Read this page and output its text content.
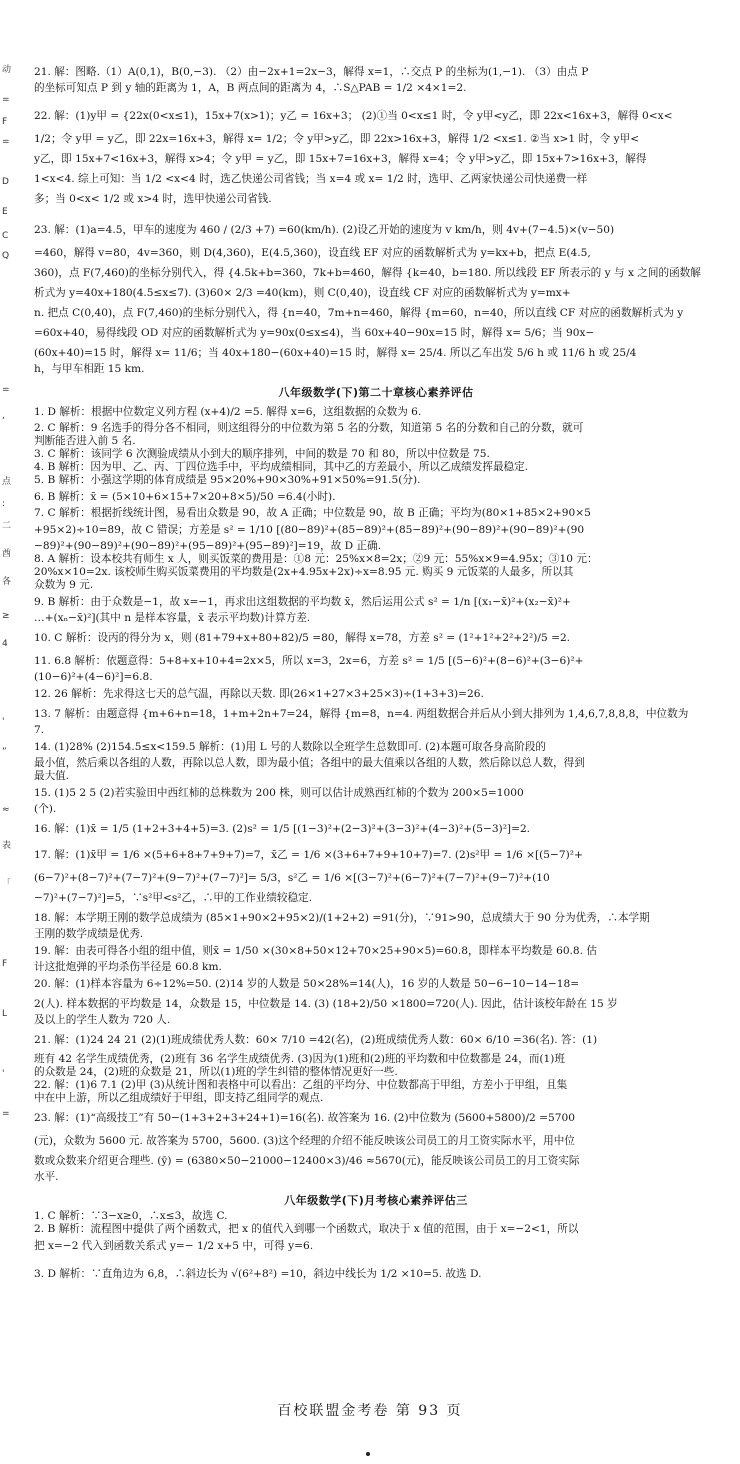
动
=
F
=
D
E
C
Q
=
,
点
:
二
酋
各
≥
4
'
”
≈
表
「
F
L
'
=
21. 解：图略.（1）A(0,1)，B(0,−3). （2）由−2x+1=2x−3，解得 x=1，∴交点 P 的坐标为(1,−1). （3）由点 P
的坐标可知点 P 到 y 轴的距离为 1，A，B 两点间的距离为 4，∴S△PAB = 1/2 ×4×1=2.
22. 解：(1)y甲 = {22x(0<x≤1)，15x+7(x>1)；y乙 = 16x+3； (2)①当 0<x≤1 时，令 y甲<y乙，即 22x<16x+3，解得 0<x<
1/2；令 y甲 = y乙，即 22x=16x+3，解得 x= 1/2；令 y甲>y乙，即 22x>16x+3，解得 1/2 <x≤1. ②当 x>1 时，令 y甲<
y乙，即 15x+7<16x+3，解得 x>4；令 y甲 = y乙，即 15x+7=16x+3，解得 x=4；令 y甲>y乙，即 15x+7>16x+3，解得
1<x<4. 综上可知：当 1/2 <x<4 时，选乙快递公司省钱；当 x=4 或 x= 1/2 时，选甲、乙两家快递公司快递费一样
多；当 0<x< 1/2 或 x>4 时，选甲快递公司省钱.
23. 解：(1)a=4.5，甲车的速度为 460 / (2/3 +7) =60(km/h). (2)设乙开始的速度为 v km/h，则 4v+(7−4.5)×(v−50)
=460，解得 v=80，4v=360，则 D(4,360)，E(4.5,360)，设直线 EF 对应的函数解析式为 y=kx+b，把点 E(4.5,
360)，点 F(7,460)的坐标分别代入，得 {4.5k+b=360，7k+b=460，解得 {k=40，b=180. 所以线段 EF 所表示的 y 与 x 之间的函数解
析式为 y=40x+180(4.5≤x≤7). (3)60× 2/3 =40(km)，则 C(0,40)，设直线 CF 对应的函数解析式为 y=mx+
n. 把点 C(0,40)，点 F(7,460)的坐标分别代入，得 {n=40，7m+n=460，解得 {m=60，n=40，所以直线 CF 对应的函数解析式为 y
=60x+40，易得线段 OD 对应的函数解析式为 y=90x(0≤x≤4)，当 60x+40−90x=15 时，解得 x= 5/6；当 90x−
(60x+40)=15 时，解得 x= 11/6；当 40x+180−(60x+40)=15 时，解得 x= 25/4. 所以乙车出发 5/6 h 或 11/6 h 或 25/4
h，与甲车相距 15 km.
八年级数学(下)第二十章核心素养评估
1. D 解析：根据中位数定义列方程 (x+4)/2 =5. 解得 x=6，这组数据的众数为 6.
2. C 解析：9 名选手的得分各不相同，则这组得分的中位数为第 5 名的分数，知道第 5 名的分数和自己的分数，就可
判断能否进入前 5 名.
3. C 解析：该同学 6 次测验成绩从小到大的顺序排列，中间的数是 70 和 80，所以中位数是 75.
4. B 解析：因为甲、乙、丙、丁四位选手中，平均成绩相同，其中乙的方差最小，所以乙成绩发挥最稳定.
5. B 解析：小强这学期的体育成绩是 95×20%+90×30%+91×50%=91.5(分).
6. B 解析：x̄ = (5×10+6×15+7×20+8×5)/50 =6.4(小时).
7. C 解析：根据折线统计图，易看出众数是 90，故 A 正确；中位数是 90，故 B 正确；平均为(80×1+85×2+90×5
+95×2)÷10=89，故 C 错误；方差是 s² = 1/10 [(80−89)²+(85−89)²+(85−89)²+(90−89)²+(90−89)²+(90
−89)²+(90−89)²+(90−89)²+(95−89)²+(95−89)²]=19，故 D 正确.
8. A 解析：设本校共有师生 x 人，则买饭菜的费用是：①8 元：25%x×8=2x；②9 元：55%x×9=4.95x；③10 元：
20%x×10=2x. 该校师生购买饭菜费用的平均数是(2x+4.95x+2x)÷x=8.95 元. 购买 9 元饭菜的人最多，所以其
众数为 9 元.
9. B 解析：由于众数是−1，故 x=−1，再求出这组数据的平均数 x̄，然后运用公式 s² = 1/n [(x₁−x̄)²+(x₂−x̄)²+
…+(xₙ−x̄)²](其中 n 是样本容量，x̄ 表示平均数)计算方差.
10. C 解析：设丙的得分为 x，则 (81+79+x+80+82)/5 =80，解得 x=78，方差 s² = (1²+1²+2²+2²)/5 =2.
11. 6.8 解析：依题意得：5+8+x+10+4=2x×5，所以 x=3，2x=6，方差 s² = 1/5 [(5−6)²+(8−6)²+(3−6)²+
(10−6)²+(4−6)²]=6.8.
12. 26 解析：先求得这七天的总气温，再除以天数. 即(26×1+27×3+25×3)÷(1+3+3)=26.
13. 7 解析：由题意得 {m+6+n=18，1+m+2n+7=24，解得 {m=8，n=4. 两组数据合并后从小到大排列为 1,4,6,7,8,8,8，中位数为
7.
14. (1)28% (2)154.5≤x<159.5 解析：(1)用 L 号的人数除以全班学生总数即可. (2)本题可取各身高阶段的
最小值，然后乘以各组的人数，再除以总人数，即为最小值；各组中的最大值乘以各组的人数，然后除以总人数，得到
最大值.
15. (1)5 2 5 (2)若实验田中西红柿的总株数为 200 株，则可以估计成熟西红柿的个数为 200×5=1000
(个).
16. 解：(1)x̄ = 1/5 (1+2+3+4+5)=3. (2)s² = 1/5 [(1−3)²+(2−3)²+(3−3)²+(4−3)²+(5−3)²]=2.
17. 解：(1)x̄甲 = 1/6 ×(5+6+8+7+9+7)=7，x̄乙 = 1/6 ×(3+6+7+9+10+7)=7. (2)s²甲 = 1/6 ×[(5−7)²+
(6−7)²+(8−7)²+(7−7)²+(9−7)²+(7−7)²]= 5/3，s²乙 = 1/6 ×[(3−7)²+(6−7)²+(7−7)²+(9−7)²+(10
−7)²+(7−7)²]=5，∵s²甲<s²乙，∴甲的工作业绩较稳定.
18. 解：本学期王刚的数学总成绩为 (85×1+90×2+95×2)/(1+2+2) =91(分)，∵91>90，总成绩大于 90 分为优秀，∴本学期
王刚的数学成绩是优秀.
19. 解：由表可得各小组的组中值，则x̄ = 1/50 ×(30×8+50×12+70×25+90×5)=60.8，即样本平均数是 60.8. 估
计这批炮弹的平均杀伤半径是 60.8 km.
20. 解：(1)样本容量为 6÷12%=50. (2)14 岁的人数是 50×28%=14(人)，16 岁的人数是 50−6−10−14−18=
2(人). 样本数据的平均数是 14，众数是 15，中位数是 14. (3) (18+2)/50 ×1800=720(人). 因此，估计该校年龄在 15 岁
及以上的学生人数为 720 人.
21. 解：(1)24 24 21 (2)(1)班成绩优秀人数：60× 7/10 =42(名)，(2)班成绩优秀人数：60× 6/10 =36(名). 答：(1)
班有 42 名学生成绩优秀，(2)班有 36 名学生成绩优秀. (3)因为(1)班和(2)班的平均数和中位数都是 24，而(1)班
的众数是 24，(2)班的众数是 21，所以(1)班的学生纠错的整体情况更好一些.
22. 解：(1)6 7.1 (2)甲 (3)从统计图和表格中可以看出：乙组的平均分、中位数都高于甲组，方差小于甲组，且集
中在中上游，所以乙组成绩好于甲组，即支持乙组同学的观点.
23. 解：(1)“高级技工”有 50−(1+3+2+3+24+1)=16(名). 故答案为 16. (2)中位数为 (5600+5800)/2 =5700
(元)，众数为 5600 元. 故答案为 5700，5600. (3)这个经理的介绍不能反映该公司员工的月工资实际水平，用中位
数或众数来介绍更合理些. (ȳ) = (6380×50−21000−12400×3)/46 ≈5670(元)，能反映该公司员工的月工资实际
水平.
八年级数学(下)月考核心素养评估三
1. C 解析：∵3−x≥0，∴x≤3，故选 C.
2. B 解析：流程图中提供了两个函数式，把 x 的值代入到哪一个函数式，取决于 x 值的范围，由于 x=−2<1，所以
把 x=−2 代入到函数关系式 y=− 1/2 x+5 中，可得 y=6.
3. D 解析：∵直角边为 6,8，∴斜边长为 √(6²+8²) =10，斜边中线长为 1/2 ×10=5. 故选 D.
百校联盟金考卷 第 93 页
